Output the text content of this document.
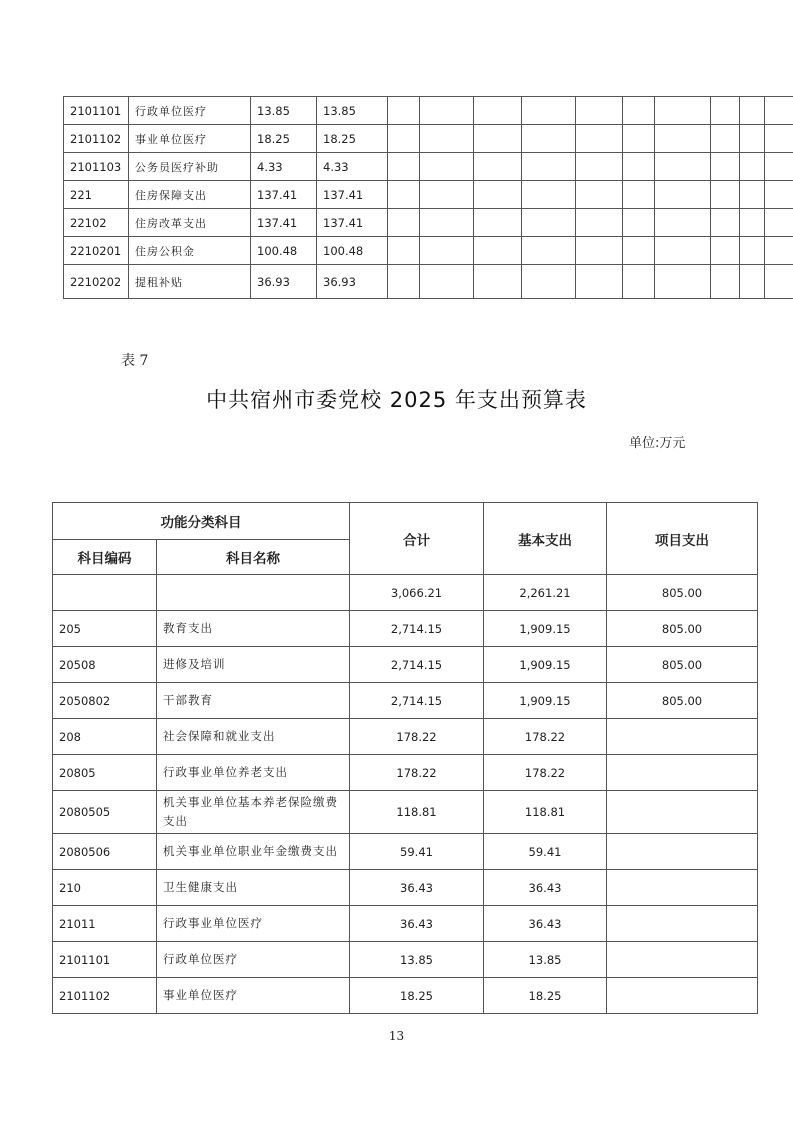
2101101	行政单位医疗	13.85	13.85										
2101102	事业单位医疗	18.25	18.25										
2101103	公务员医疗补助	4.33	4.33										
221	住房保障支出	137.41	137.41										
22102	住房改革支出	137.41	137.41										
2210201	住房公积金	100.48	100.48										
2210202	提租补贴	36.93	36.93										
表 7
中共宿州市委党校 2025 年支出预算表
单位:万元
功能分类科目		合计	基本支出	项目支出
科目编码	科目名称			
		3,066.21	2,261.21	805.00
205	教育支出	2,714.15	1,909.15	805.00
20508	进修及培训	2,714.15	1,909.15	805.00
2050802	干部教育	2,714.15	1,909.15	805.00
208	社会保障和就业支出	178.22	178.22	
20805	行政事业单位养老支出	178.22	178.22	
2080505	机关事业单位基本养老保险缴费支出	118.81	118.81	
2080506	机关事业单位职业年金缴费支出	59.41	59.41	
210	卫生健康支出	36.43	36.43	
21011	行政事业单位医疗	36.43	36.43	
2101101	行政单位医疗	13.85	13.85	
2101102	事业单位医疗	18.25	18.25	
13
